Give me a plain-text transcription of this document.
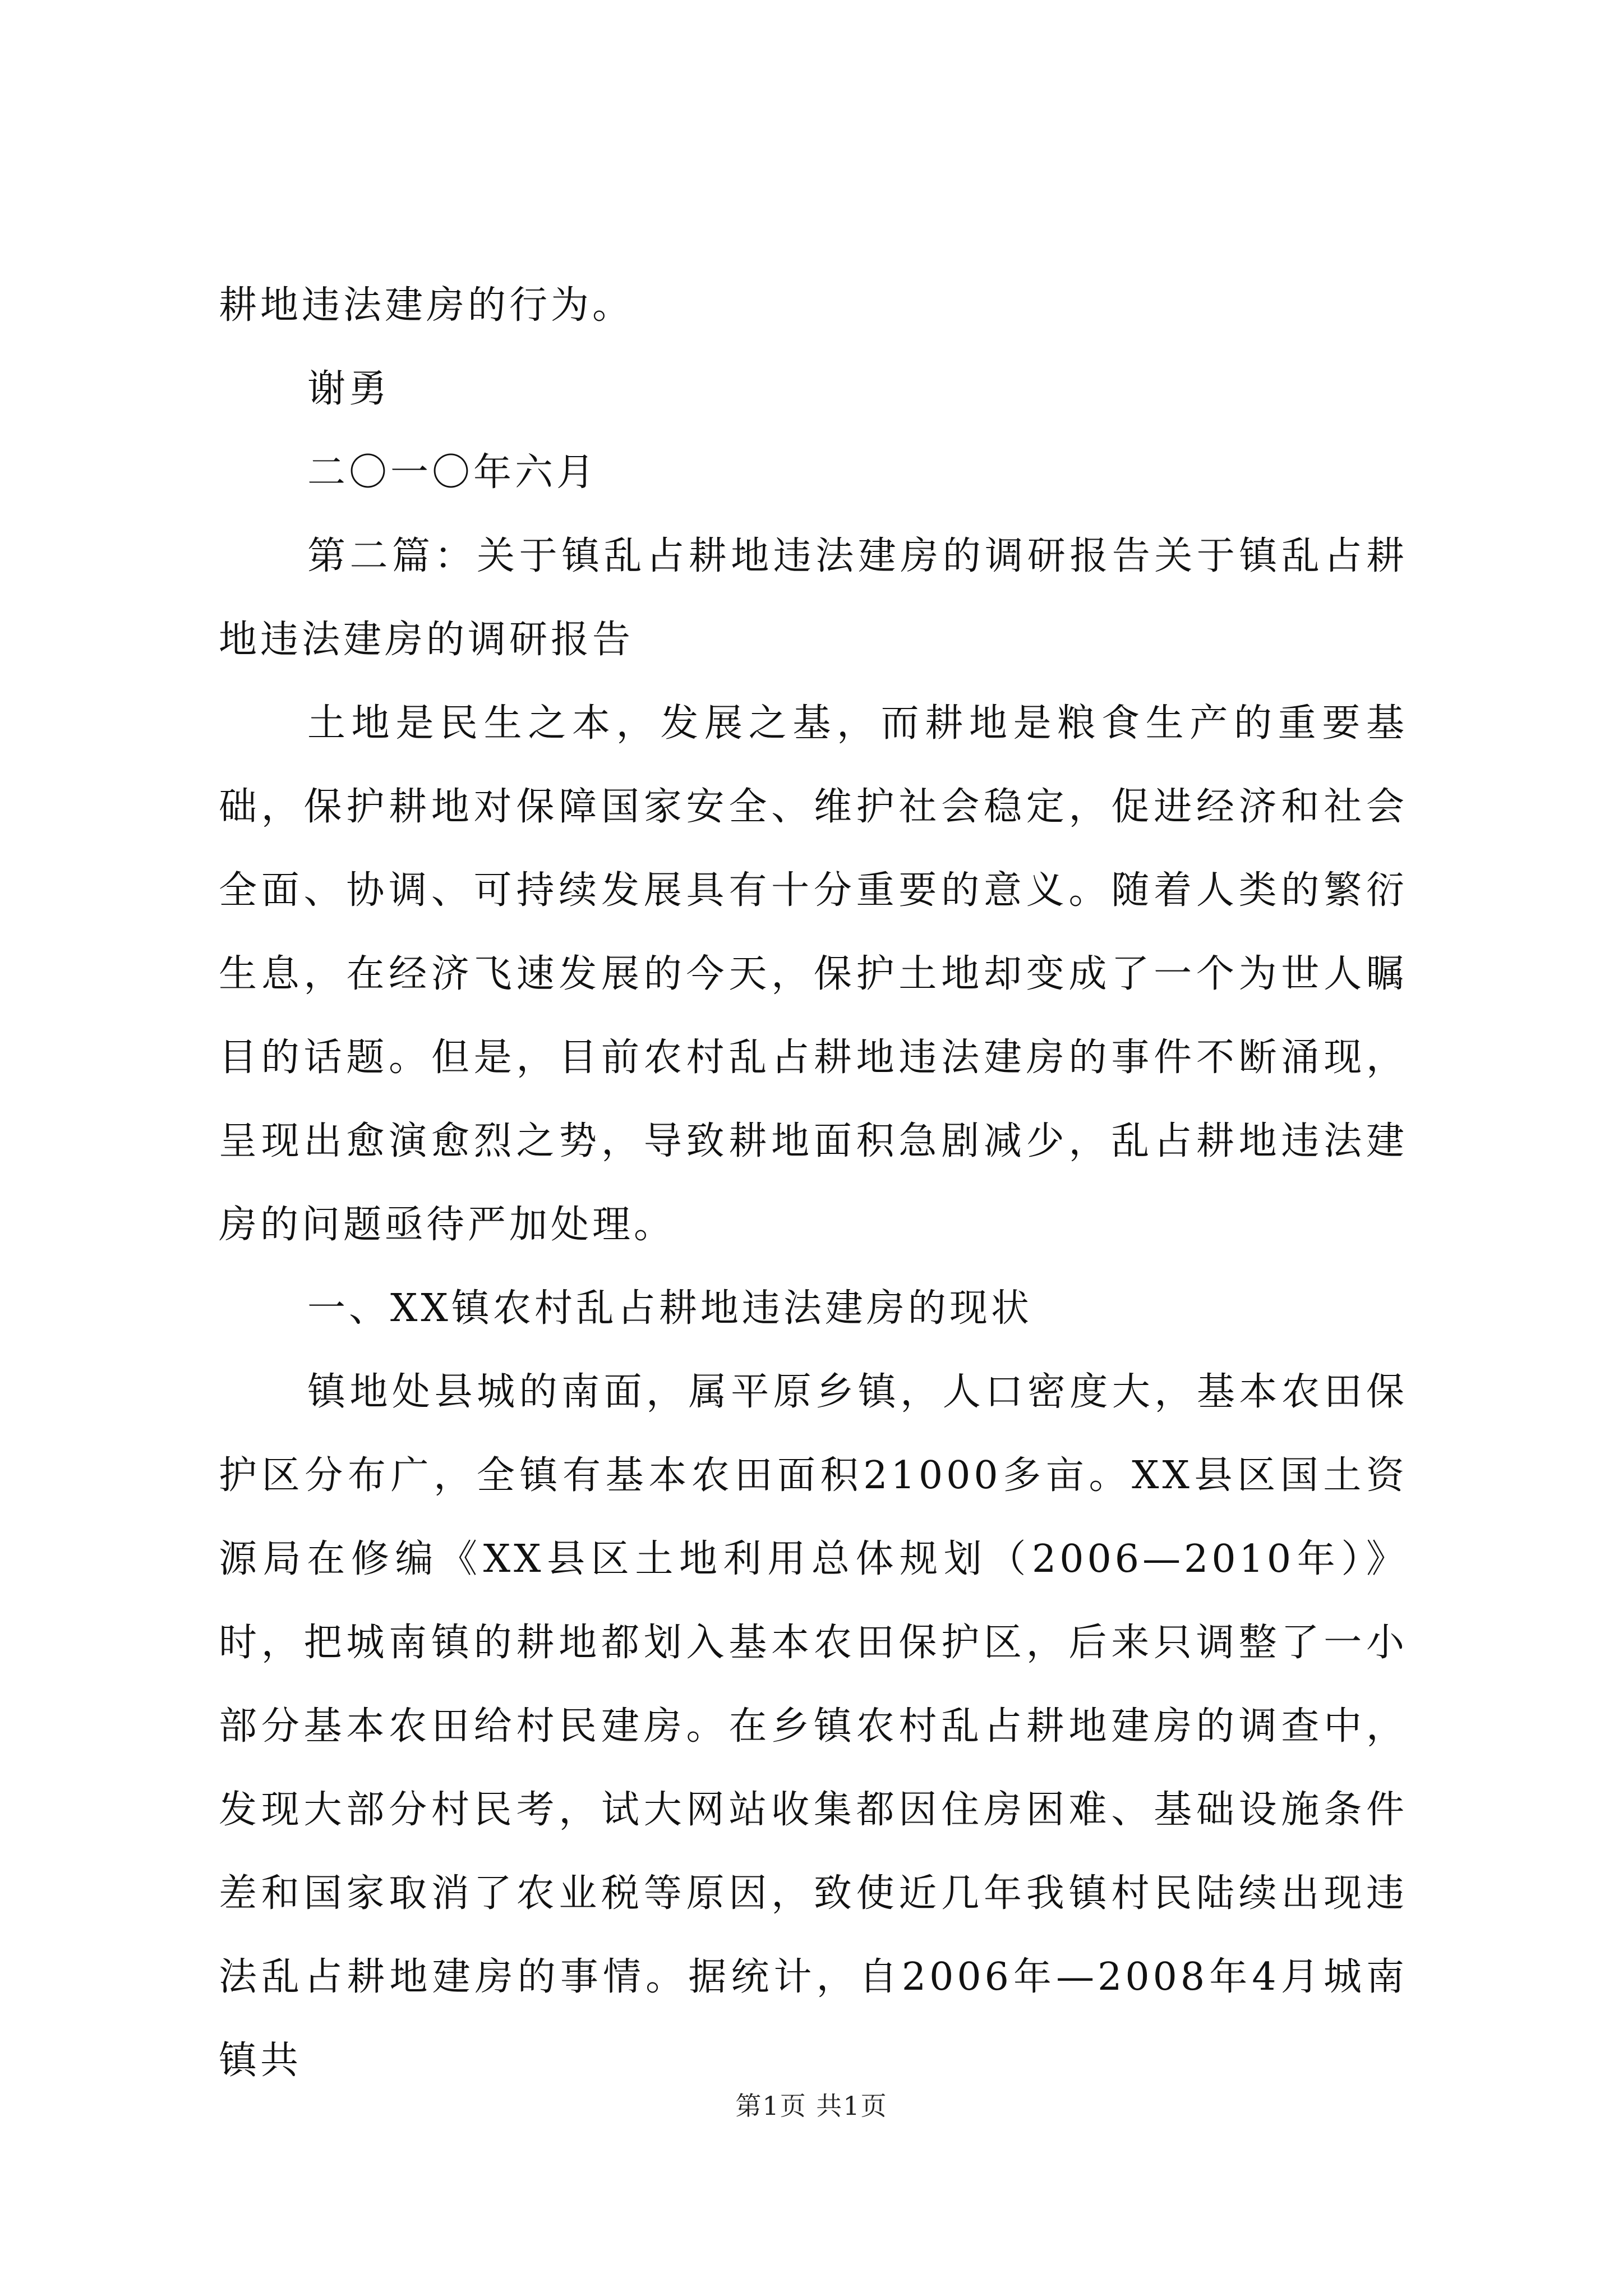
耕地违法建房的行为。

谢勇

二〇一〇年六月

第二篇：关于镇乱占耕地违法建房的调研报告关于镇乱占耕地违法建房的调研报告

土地是民生之本，发展之基，而耕地是粮食生产的重要基础，保护耕地对保障国家安全、维护社会稳定，促进经济和社会全面、协调、可持续发展具有十分重要的意义。随着人类的繁衍生息，在经济飞速发展的今天，保护土地却变成了一个为世人瞩目的话题。但是，目前农村乱占耕地违法建房的事件不断涌现，呈现出愈演愈烈之势，导致耕地面积急剧减少，乱占耕地违法建房的问题亟待严加处理。

一、XX镇农村乱占耕地违法建房的现状

镇地处县城的南面，属平原乡镇，人口密度大，基本农田保护区分布广，全镇有基本农田面积21000多亩。XX县区国土资源局在修编《XX县区土地利用总体规划（2006—2010年）》时，把城南镇的耕地都划入基本农田保护区，后来只调整了一小部分基本农田给村民建房。在乡镇农村乱占耕地建房的调查中，发现大部分村民考，试大网站收集都因住房困难、基础设施条件差和国家取消了农业税等原因，致使近几年我镇村民陆续出现违法乱占耕地建房的事情。据统计，自2006年—2008年4月城南镇共

第1页 共1页
